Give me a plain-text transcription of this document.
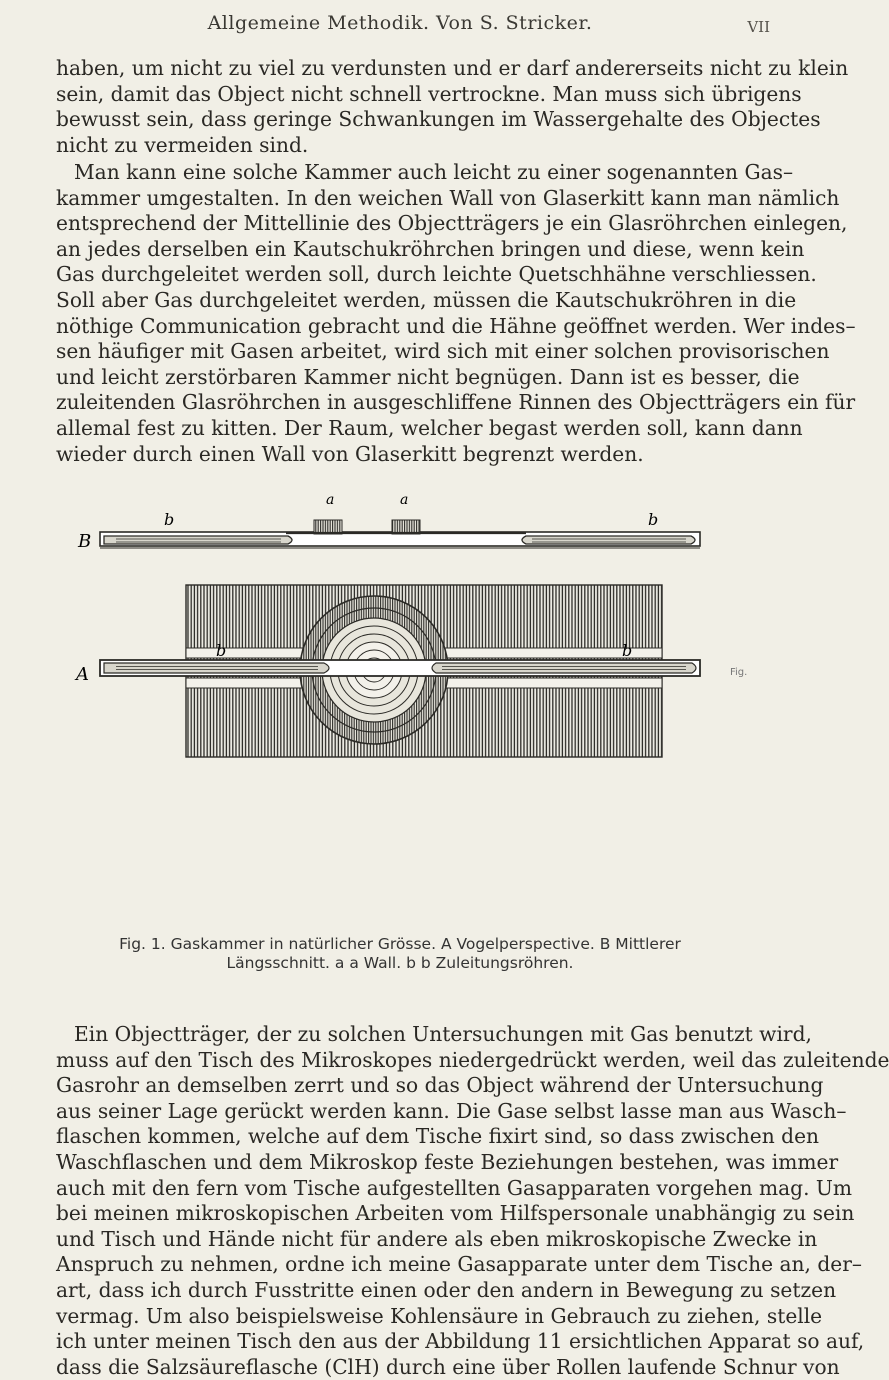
Allgemeine Methodik. Von S. Stricker.	VII
haben, um nicht zu viel zu verdunsten und er darf andererseits nicht zu klein
sein, damit das Object nicht schnell vertrockne. Man muss sich übrigens
bewusst sein, dass geringe Schwankungen im Wassergehalte des Objectes
nicht zu vermeiden sind.
Man kann eine solche Kammer auch leicht zu einer sogenannten Gas–
kammer umgestalten. In den weichen Wall von Glaserkitt kann man nämlich
entsprechend der Mittellinie des Objectträgers je ein Glasröhrchen einlegen,
an jedes derselben ein Kautschukröhrchen bringen und diese, wenn kein
Gas durchgeleitet werden soll, durch leichte Quetschhähne verschliessen.
Soll aber Gas durchgeleitet werden, müssen die Kautschukröhren in die
nöthige Communication gebracht und die Hähne geöffnet werden. Wer indes–
sen häufiger mit Gasen arbeitet, wird sich mit einer solchen provisorischen
und leicht zerstörbaren Kammer nicht begnügen. Dann ist es besser, die
zuleitenden Glasröhrchen in ausgeschliffene Rinnen des Objectträgers ein für
allemal fest zu kitten. Der Raum, welcher begast werden soll, kann dann
wieder durch einen Wall von Glaserkitt begrenzt werden.
B
b
a	a
b
A	Fig.
b	b
Fig. 1. Gaskammer in natürlicher Grösse. A Vogelperspective. B Mittlerer
Längsschnitt. a a Wall. b b Zuleitungsröhren.
Ein Objectträger, der zu solchen Untersuchungen mit Gas benutzt wird,
muss auf den Tisch des Mikroskopes niedergedrückt werden, weil das zuleitende
Gasrohr an demselben zerrt und so das Object während der Untersuchung
aus seiner Lage gerückt werden kann. Die Gase selbst lasse man aus Wasch–
flaschen kommen, welche auf dem Tische fixirt sind, so dass zwischen den
Waschflaschen und dem Mikroskop feste Beziehungen bestehen, was immer
auch mit den fern vom Tische aufgestellten Gasapparaten vorgehen mag. Um
bei meinen mikroskopischen Arbeiten vom Hilfspersonale unabhängig zu sein
und Tisch und Hände nicht für andere als eben mikroskopische Zwecke in
Anspruch zu nehmen, ordne ich meine Gasapparate unter dem Tische an, der–
art, dass ich durch Fusstritte einen oder den andern in Bewegung zu setzen
vermag. Um also beispielsweise Kohlensäure in Gebrauch zu ziehen, stelle
ich unter meinen Tisch den aus der Abbildung 11 ersichtlichen Apparat so auf,
dass die Salzsäureflasche (ClH) durch eine über Rollen laufende Schnur von
